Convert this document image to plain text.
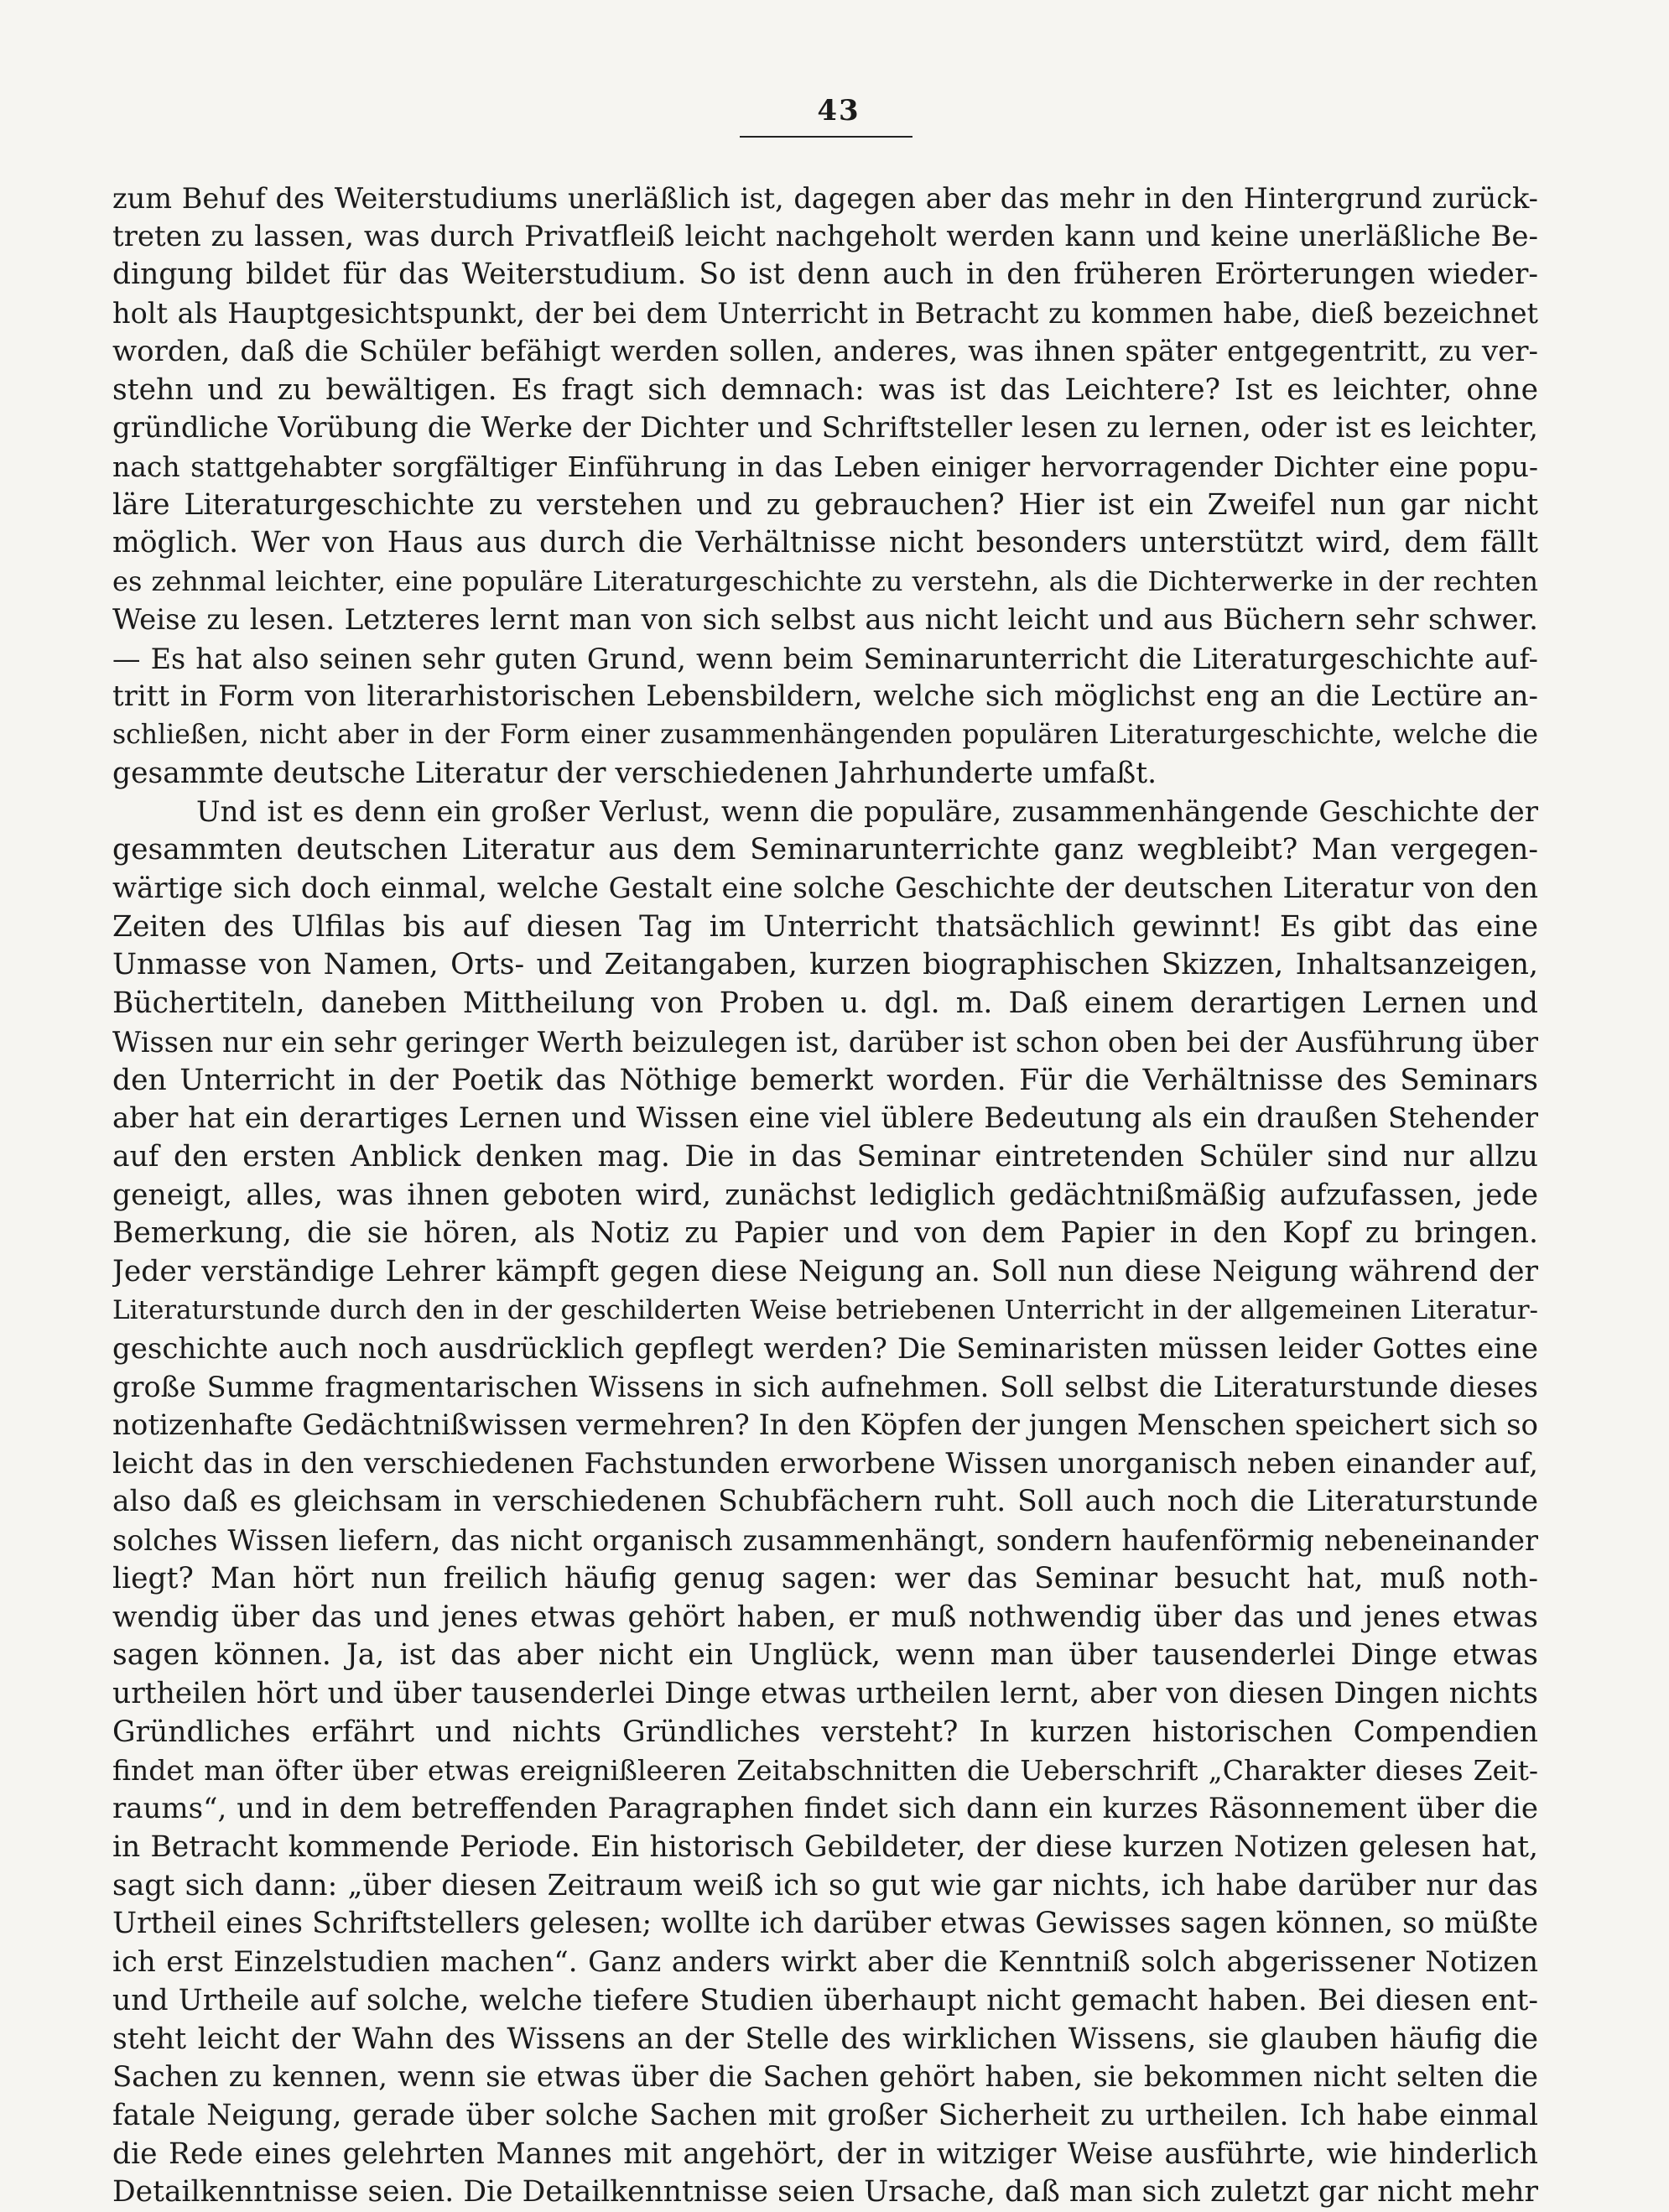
43
zum Behuf des Weiterstudiums unerläßlich ist, dagegen aber das mehr in den Hintergrund zurück-
treten zu lassen, was durch Privatfleiß leicht nachgeholt werden kann und keine unerläßliche Be-
dingung bildet für das Weiterstudium. So ist denn auch in den früheren Erörterungen wieder-
holt als Hauptgesichtspunkt, der bei dem Unterricht in Betracht zu kommen habe, dieß bezeichnet
worden, daß die Schüler befähigt werden sollen, anderes, was ihnen später entgegentritt, zu ver-
stehn und zu bewältigen. Es fragt sich demnach: was ist das Leichtere? Ist es leichter, ohne
gründliche Vorübung die Werke der Dichter und Schriftsteller lesen zu lernen, oder ist es leichter,
nach stattgehabter sorgfältiger Einführung in das Leben einiger hervorragender Dichter eine popu-
läre Literaturgeschichte zu verstehen und zu gebrauchen? Hier ist ein Zweifel nun gar nicht
möglich. Wer von Haus aus durch die Verhältnisse nicht besonders unterstützt wird, dem fällt
es zehnmal leichter, eine populäre Literaturgeschichte zu verstehn, als die Dichterwerke in der rechten
Weise zu lesen. Letzteres lernt man von sich selbst aus nicht leicht und aus Büchern sehr schwer.
— Es hat also seinen sehr guten Grund, wenn beim Seminarunterricht die Literaturgeschichte auf-
tritt in Form von literarhistorischen Lebensbildern, welche sich möglichst eng an die Lectüre an-
schließen, nicht aber in der Form einer zusammenhängenden populären Literaturgeschichte, welche die
gesammte deutsche Literatur der verschiedenen Jahrhunderte umfaßt.
Und ist es denn ein großer Verlust, wenn die populäre, zusammenhängende Geschichte der
gesammten deutschen Literatur aus dem Seminarunterrichte ganz wegbleibt? Man vergegen-
wärtige sich doch einmal, welche Gestalt eine solche Geschichte der deutschen Literatur von den
Zeiten des Ulfilas bis auf diesen Tag im Unterricht thatsächlich gewinnt! Es gibt das eine
Unmasse von Namen, Orts- und Zeitangaben, kurzen biographischen Skizzen, Inhaltsanzeigen,
Büchertiteln, daneben Mittheilung von Proben u. dgl. m. Daß einem derartigen Lernen und
Wissen nur ein sehr geringer Werth beizulegen ist, darüber ist schon oben bei der Ausführung über
den Unterricht in der Poetik das Nöthige bemerkt worden. Für die Verhältnisse des Seminars
aber hat ein derartiges Lernen und Wissen eine viel üblere Bedeutung als ein draußen Stehender
auf den ersten Anblick denken mag. Die in das Seminar eintretenden Schüler sind nur allzu
geneigt, alles, was ihnen geboten wird, zunächst lediglich gedächtnißmäßig aufzufassen, jede
Bemerkung, die sie hören, als Notiz zu Papier und von dem Papier in den Kopf zu bringen.
Jeder verständige Lehrer kämpft gegen diese Neigung an. Soll nun diese Neigung während der
Literaturstunde durch den in der geschilderten Weise betriebenen Unterricht in der allgemeinen Literatur-
geschichte auch noch ausdrücklich gepflegt werden? Die Seminaristen müssen leider Gottes eine
große Summe fragmentarischen Wissens in sich aufnehmen. Soll selbst die Literaturstunde dieses
notizenhafte Gedächtnißwissen vermehren? In den Köpfen der jungen Menschen speichert sich so
leicht das in den verschiedenen Fachstunden erworbene Wissen unorganisch neben einander auf,
also daß es gleichsam in verschiedenen Schubfächern ruht. Soll auch noch die Literaturstunde
solches Wissen liefern, das nicht organisch zusammenhängt, sondern haufenförmig nebeneinander
liegt? Man hört nun freilich häufig genug sagen: wer das Seminar besucht hat, muß noth-
wendig über das und jenes etwas gehört haben, er muß nothwendig über das und jenes etwas
sagen können. Ja, ist das aber nicht ein Unglück, wenn man über tausenderlei Dinge etwas
urtheilen hört und über tausenderlei Dinge etwas urtheilen lernt, aber von diesen Dingen nichts
Gründliches erfährt und nichts Gründliches versteht? In kurzen historischen Compendien
findet man öfter über etwas ereignißleeren Zeitabschnitten die Ueberschrift „Charakter dieses Zeit-
raums“, und in dem betreffenden Paragraphen findet sich dann ein kurzes Räsonnement über die
in Betracht kommende Periode. Ein historisch Gebildeter, der diese kurzen Notizen gelesen hat,
sagt sich dann: „über diesen Zeitraum weiß ich so gut wie gar nichts, ich habe darüber nur das
Urtheil eines Schriftstellers gelesen; wollte ich darüber etwas Gewisses sagen können, so müßte
ich erst Einzelstudien machen“. Ganz anders wirkt aber die Kenntniß solch abgerissener Notizen
und Urtheile auf solche, welche tiefere Studien überhaupt nicht gemacht haben. Bei diesen ent-
steht leicht der Wahn des Wissens an der Stelle des wirklichen Wissens, sie glauben häufig die
Sachen zu kennen, wenn sie etwas über die Sachen gehört haben, sie bekommen nicht selten die
fatale Neigung, gerade über solche Sachen mit großer Sicherheit zu urtheilen. Ich habe einmal
die Rede eines gelehrten Mannes mit angehört, der in witziger Weise ausführte, wie hinderlich
Detailkenntnisse seien. Die Detailkenntnisse seien Ursache, daß man sich zuletzt gar nicht mehr
